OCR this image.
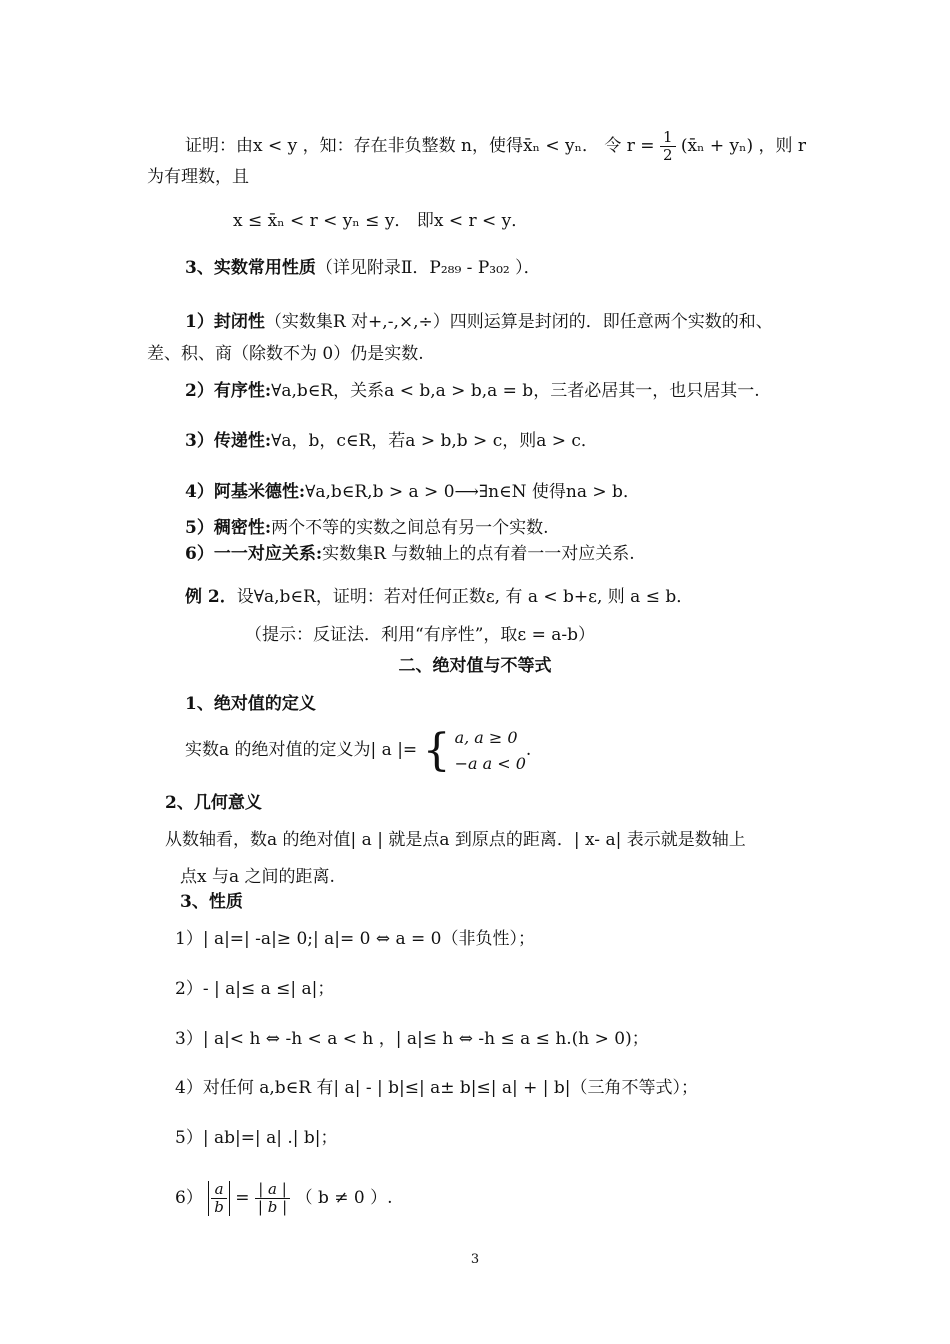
证明：由x < y ，知：存在非负整数 n，使得x̄ₙ < yₙ． 令 $r = \frac{1}{2}$ (x̄ₙ + yₙ) ，则 r
为有理数，且
x ≤ x̄ₙ < r < yₙ ≤ y． 即x < r < y．
3、实数常用性质（详见附录Ⅱ．P₂₈₉ - P₃₀₂ ）．
1）封闭性（实数集R 对+,-,×,÷）四则运算是封闭的．即任意两个实数的和、
差、积、商（除数不为 0）仍是实数.
2）有序性:∀a,b∈R，关系a < b,a > b,a = b，三者必居其一，也只居其一.
3）传递性:∀a，b，c∈R，若a > b,b > c，则a > c．
4）阿基米德性:∀a,b∈R,b > a > 0⟶∃n∈N 使得na > b．
5）稠密性:两个不等的实数之间总有另一个实数.
6）一一对应关系:实数集R 与数轴上的点有着一一对应关系.
例 2．设∀a,b∈R，证明：若对任何正数ε, 有 a < b+ε, 则 a ≤ b．
（提示：反证法．利用“有序性”，取ε = a-b）
二、绝对值与不等式
1、绝对值的定义
实数a 的绝对值的定义为| a |= { a, a ≥ 0
−a a < 0
.
2、几何意义
从数轴看，数a 的绝对值| a | 就是点a 到原点的距离．| x- a| 表示就是数轴上
点x 与a 之间的距离.
3、性质
1）| a|=| -a|≥ 0;| a|= 0 ⇔ a = 0（非负性）；
2）- | a|≤ a ≤| a|；
3）| a|< h ⇔ -h < a < h ，| a|≤ h ⇔ -h ≤ a ≤ h.(h > 0)；
4）对任何 a,b∈R 有| a| - | b|≤| a± b|≤| a| + | b|（三角不等式）；
5）| ab|=| a| .| b|；
$6) \frac{a}{b} = \frac{| a |}{| b |}$ （ b ≠ 0 ）.
3
